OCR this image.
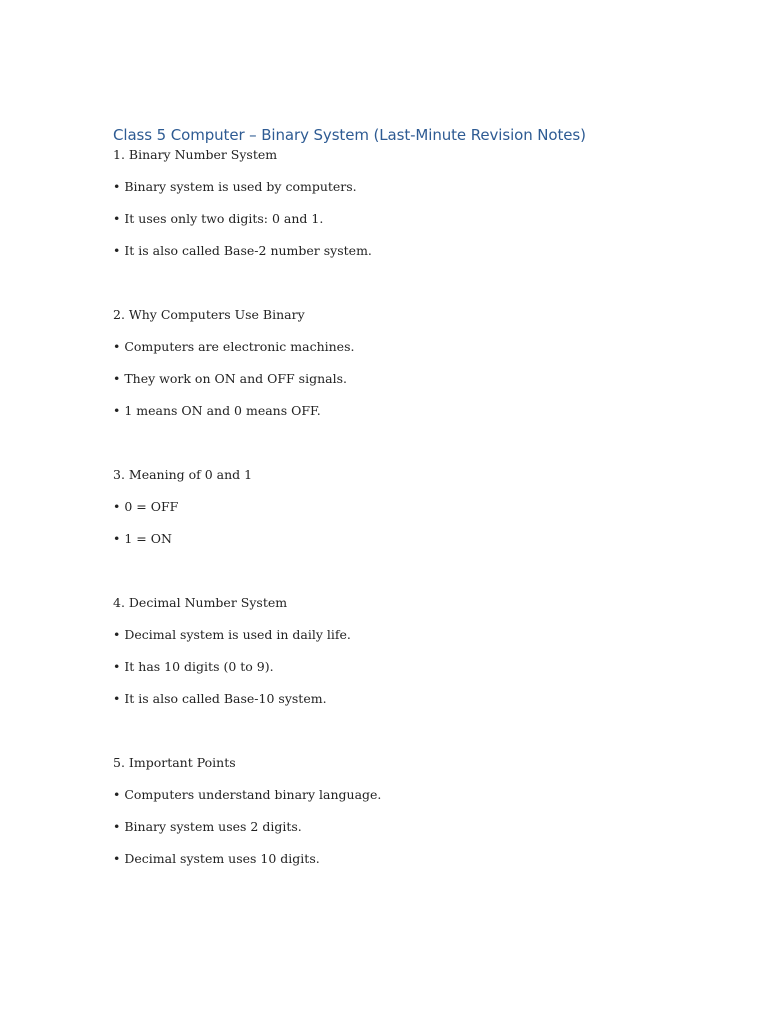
Class 5 Computer – Binary System (Last-Minute Revision Notes)

1. Binary Number System

• Binary system is used by computers.

• It uses only two digits: 0 and 1.

• It is also called Base-2 number system.

2. Why Computers Use Binary

• Computers are electronic machines.

• They work on ON and OFF signals.

• 1 means ON and 0 means OFF.

3. Meaning of 0 and 1

• 0 = OFF

• 1 = ON

4. Decimal Number System

• Decimal system is used in daily life.

• It has 10 digits (0 to 9).

• It is also called Base-10 system.

5. Important Points

• Computers understand binary language.

• Binary system uses 2 digits.

• Decimal system uses 10 digits.
